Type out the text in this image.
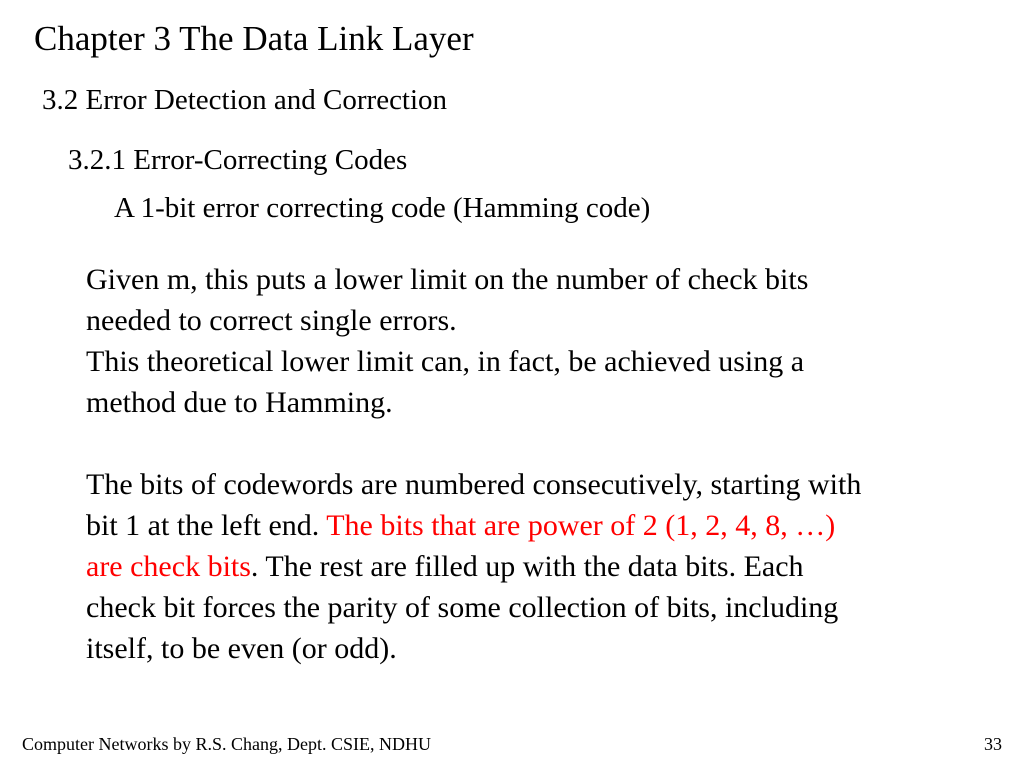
Chapter 3 The Data Link Layer
3.2 Error Detection and Correction
3.2.1 Error-Correcting Codes
A 1-bit error correcting code (Hamming code)
Given m, this puts a lower limit on the number of check bits
needed to correct single errors.
This theoretical lower limit can, in fact, be achieved using a
method due to Hamming.
The bits of codewords are numbered consecutively, starting with
bit 1 at the left end. The bits that are power of 2 (1, 2, 4, 8, …)
are check bits. The rest are filled up with the data bits. Each
check bit forces the parity of some collection of bits, including
itself, to be even (or odd).
Computer Networks by R.S. Chang, Dept. CSIE, NDHU	33
